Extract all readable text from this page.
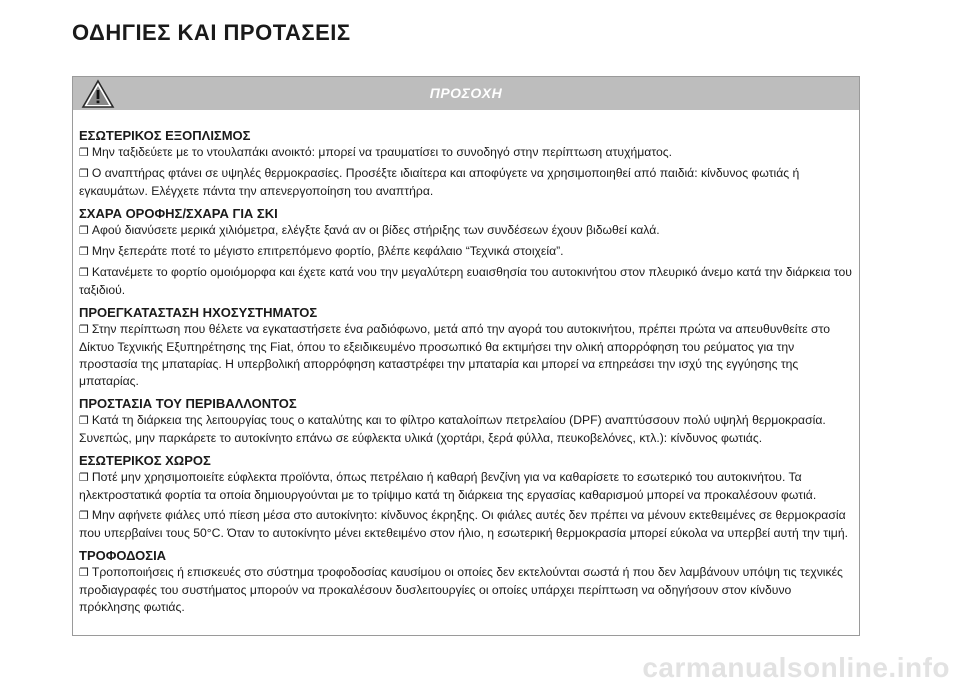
ΟΔΗΓΙΕΣ ΚΑΙ ΠΡΟΤΑΣΕΙΣ
ΠΡΟΣΟΧΗ
ΕΣΩΤΕΡΙΚΟΣ ΕΞΟΠΛΙΣΜΟΣ
❐ Μην ταξιδεύετε με το ντουλαπάκι ανοικτό: μπορεί να τραυματίσει το συνοδηγό στην περίπτωση ατυχήματος.
❐ Ο αναπτήρας φτάνει σε υψηλές θερμοκρασίες. Προσέξτε ιδιαίτερα και αποφύγετε να χρησιμοποιηθεί από παιδιά: κίνδυνος φωτιάς ή εγκαυμάτων. Ελέγχετε πάντα την απενεργοποίηση του αναπτήρα.
ΣΧΑΡΑ ΟΡΟΦΗΣ/ΣΧΑΡΑ ΓΙΑ ΣΚΙ
❐ Αφού διανύσετε μερικά χιλιόμετρα, ελέγξτε ξανά αν οι βίδες στήριξης των συνδέσεων έχουν βιδωθεί καλά.
❐ Μην ξεπεράτε ποτέ το μέγιστο επιτρεπόμενο φορτίο, βλέπε κεφάλαιο “Τεχνικά στοιχεία”.
❐ Κατανέμετε το φορτίο ομοιόμορφα και έχετε κατά νου την μεγαλύτερη ευαισθησία του αυτοκινήτου στον πλευρικό άνεμο κατά την διάρκεια του ταξιδιού.
ΠΡΟΕΓΚΑΤΑΣΤΑΣΗ ΗΧΟΣΥΣΤΗΜΑΤΟΣ
❐ Στην περίπτωση που θέλετε να εγκαταστήσετε ένα ραδιόφωνο, μετά από την αγορά του αυτοκινήτου, πρέπει πρώτα να απευθυνθείτε στο Δίκτυο Τεχνικής Εξυπηρέτησης της Fiat, όπου το εξειδικευμένο προσωπικό θα εκτιμήσει την ολική απορρόφηση του ρεύματος για την προστασία της μπαταρίας. Η υπερβολική απορρόφηση καταστρέφει την μπαταρία και μπορεί να επηρεάσει την ισχύ της εγγύησης της μπαταρίας.
ΠΡΟΣΤΑΣΙΑ ΤΟΥ ΠΕΡΙΒΑΛΛΟΝΤΟΣ
❐ Κατά τη διάρκεια της λειτουργίας τους ο καταλύτης και το φίλτρο καταλοίπων πετρελαίου (DPF) αναπτύσσουν πολύ υψηλή θερμοκρασία. Συνεπώς, μην παρκάρετε το αυτοκίνητο επάνω σε εύφλεκτα υλικά (χορτάρι, ξερά φύλλα, πευκοβελόνες, κτλ.): κίνδυνος φωτιάς.
ΕΣΩΤΕΡΙΚΟΣ ΧΩΡΟΣ
❐ Ποτέ μην χρησιμοποιείτε εύφλεκτα προϊόντα, όπως πετρέλαιο ή καθαρή βενζίνη για να καθαρίσετε το εσωτερικό του αυτοκινήτου. Τα ηλεκτροστατικά φορτία τα οποία δημιουργούνται με το τρίψιμο κατά τη διάρκεια της εργασίας καθαρισμού μπορεί να προκαλέσουν φωτιά.
❐ Μην αφήνετε φιάλες υπό πίεση μέσα στο αυτοκίνητο: κίνδυνος έκρηξης. Οι φιάλες αυτές δεν πρέπει να μένουν εκτεθειμένες σε θερμοκρασία που υπερβαίνει τους 50°C. Όταν το αυτοκίνητο μένει εκτεθειμένο στον ήλιο, η εσωτερική θερμοκρασία μπορεί εύκολα να υπερβεί αυτή την τιμή.
ΤΡΟΦΟΔΟΣΙΑ
❐ Τροποποιήσεις ή επισκευές στο σύστημα τροφοδοσίας καυσίμου οι οποίες δεν εκτελούνται σωστά ή που δεν λαμβάνουν υπόψη τις τεχνικές προδιαγραφές του συστήματος μπορούν να προκαλέσουν δυσλειτουργίες οι οποίες υπάρχει περίπτωση να οδηγήσουν στον κίνδυνο πρόκλησης φωτιάς.
carmanualsonline.info
